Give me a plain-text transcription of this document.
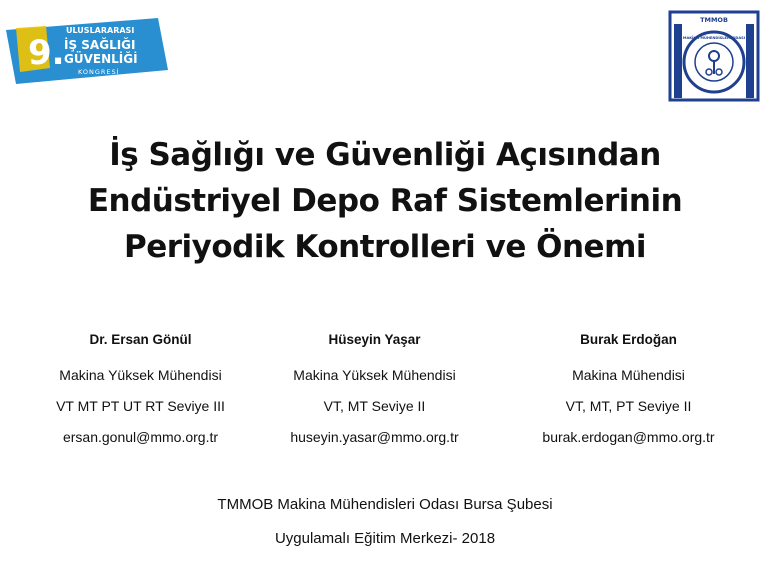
9.
ULUSLARARASI
İŞ SAĞLIĞI
GÜVENLİĞİ
KONGRESİ
TMMOB
MAKİNA MÜHENDİSLERİ ODASI
İş Sağlığı ve Güvenliği Açısından
Endüstriyel Depo Raf Sistemlerinin
Periyodik Kontrolleri ve Önemi
Dr. Ersan Gönül
Makina Yüksek Mühendisi
VT MT PT UT RT Seviye III
ersan.gonul@mmo.org.tr
Hüseyin Yaşar
Makina Yüksek Mühendisi
VT, MT Seviye II
huseyin.yasar@mmo.org.tr
Burak Erdoğan
Makina Mühendisi
VT, MT, PT Seviye II
burak.erdogan@mmo.org.tr
TMMOB Makina Mühendisleri Odası Bursa Şubesi
Uygulamalı Eğitim Merkezi- 2018
